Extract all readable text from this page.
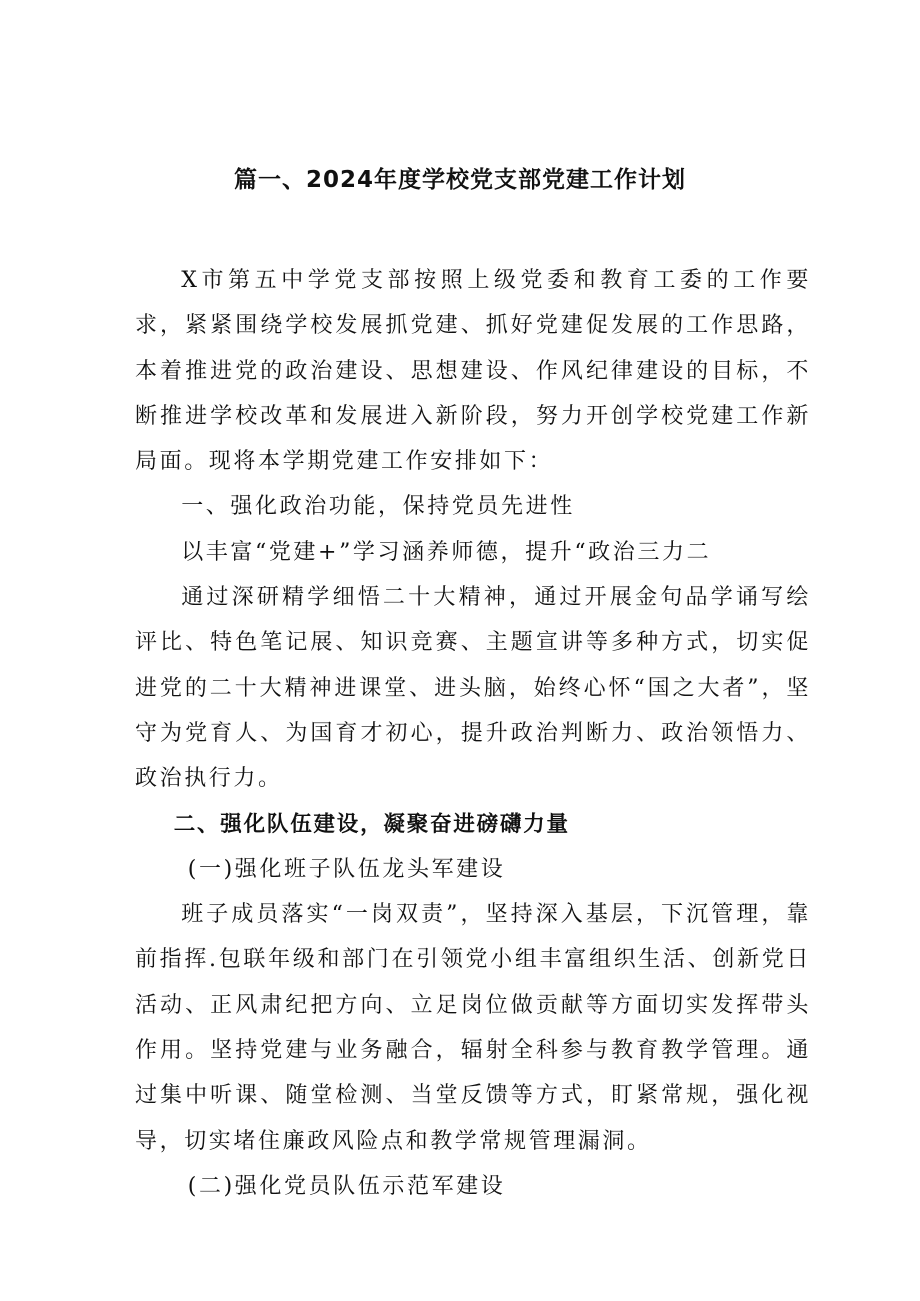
篇一、2024年度学校党支部党建工作计划

X市第五中学党支部按照上级党委和教育工委的工作要求，紧紧围绕学校发展抓党建、抓好党建促发展的工作思路，本着推进党的政治建设、思想建设、作风纪律建设的目标，不断推进学校改革和发展进入新阶段，努力开创学校党建工作新局面。现将本学期党建工作安排如下：

一、强化政治功能，保持党员先进性

以丰富“党建+”学习涵养师德，提升“政治三力二

通过深研精学细悟二十大精神，通过开展金句品学诵写绘评比、特色笔记展、知识竞赛、主题宣讲等多种方式，切实促进党的二十大精神进课堂、进头脑，始终心怀“国之大者”，坚守为党育人、为国育才初心，提升政治判断力、政治领悟力、政治执行力。

二、强化队伍建设，凝聚奋进磅礴力量

(一)强化班子队伍龙头军建设

班子成员落实“一岗双责”，坚持深入基层，下沉管理，靠前指挥.包联年级和部门在引领党小组丰富组织生活、创新党日活动、正风肃纪把方向、立足岗位做贡献等方面切实发挥带头作用。坚持党建与业务融合，辐射全科参与教育教学管理。通过集中听课、随堂检测、当堂反馈等方式，盯紧常规，强化视导，切实堵住廉政风险点和教学常规管理漏洞。

(二)强化党员队伍示范军建设
